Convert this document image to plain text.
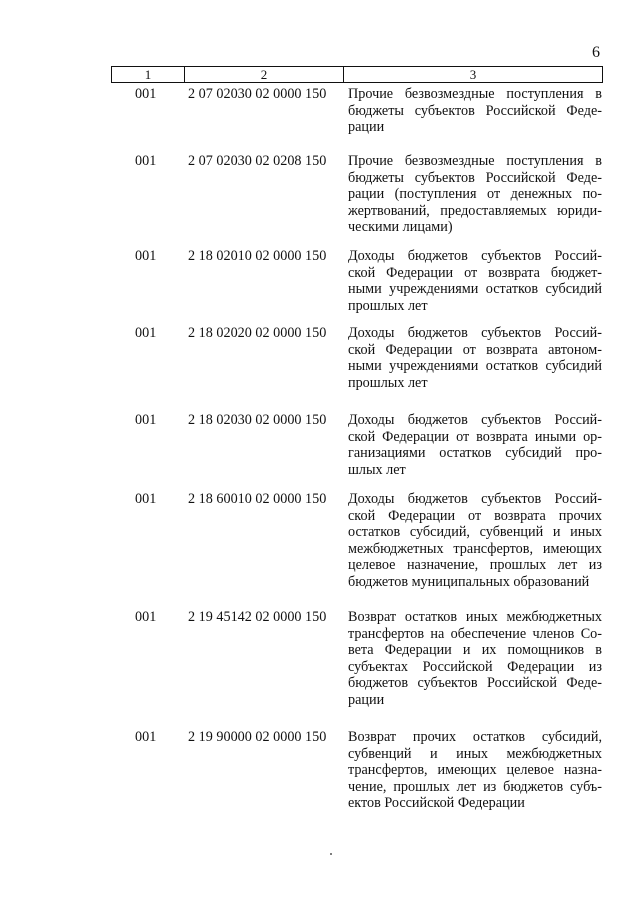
6
1	2	3
001	2 07 02030 02 0000 150	Прочие безвозмездные поступления в
бюджеты субъектов Российской Феде-
рации
001	2 07 02030 02 0208 150	Прочие безвозмездные поступления в
бюджеты субъектов Российской Феде-
рации (поступления от денежных по-
жертвований, предоставляемых юриди-
ческими лицами)
001	2 18 02010 02 0000 150	Доходы бюджетов субъектов Россий-
ской Федерации от возврата бюджет-
ными учреждениями остатков субсидий
прошлых лет
001	2 18 02020 02 0000 150	Доходы бюджетов субъектов Россий-
ской Федерации от возврата автоном-
ными учреждениями остатков субсидий
прошлых лет
001	2 18 02030 02 0000 150	Доходы бюджетов субъектов Россий-
ской Федерации от возврата иными ор-
ганизациями остатков субсидий про-
шлых лет
001	2 18 60010 02 0000 150	Доходы бюджетов субъектов Россий-
ской Федерации от возврата прочих
остатков субсидий, субвенций и иных
межбюджетных трансфертов, имеющих
целевое назначение, прошлых лет из
бюджетов муниципальных образований
001	2 19 45142 02 0000 150	Возврат остатков иных межбюджетных
трансфертов на обеспечение членов Со-
вета Федерации и их помощников в
субъектах Российской Федерации из
бюджетов субъектов Российской Феде-
рации
001	2 19 90000 02 0000 150	Возврат прочих остатков субсидий,
субвенций и иных межбюджетных
трансфертов, имеющих целевое назна-
чение, прошлых лет из бюджетов субъ-
ектов Российской Федерации
